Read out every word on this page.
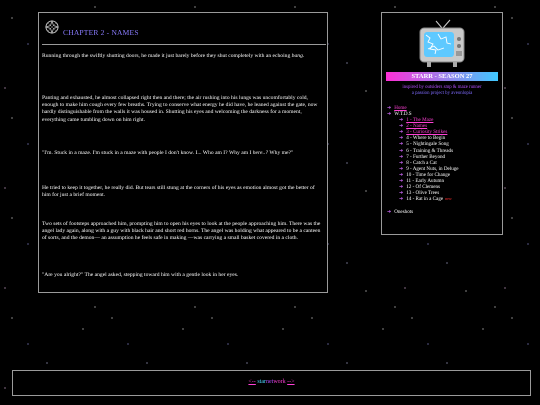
CHAPTER 2 - NAMES

Running through the swiftly shutting doors, he made it just barely before they shut completely with an echoing bang.

Panting and exhausted, he almost collapsed right then and there; the air rushing into his lungs was uncomfortably cold, enough to make him cough every few breaths. Trying to conserve what energy he did have, he leaned against the gate, now hardly distinguishable from the walls it was housed in. Shutting his eyes and welcoming the darkness for a moment, everything came tumbling down on him right.

"I'm. Stuck in a maze. I'm stuck in a maze with people I don't know. I... Who am I? Why am I here..? Why me?"

He tried to keep it together, he really did. But tears still stung at the corners of his eyes as emotion almost got the better of him for just a brief moment.

Two sets of footsteps approached him, prompting him to open his eyes to look at the people approaching him. There was the angel lady again, along with a guy with black hair and short red horns. The angel was holding what appeared to be a canteen of sorts, and the demon— an assumption he feels safe in making —was carrying a small basket covered in a cloth.

"Are you alright?" The angel asked, stepping toward him with a gentle look in her eyes.

STARR - SEASON 27
inspired by outsiders smp & maze runner
a passion project by aveonlopia
➜ Home
➜ W.T.D.S
➜ 1 - The Maze
➜ 2 - Names
➜ 3 - Curiosity Strikes
➜ 4 - Where to Begin
➜ 5 - Nightingale Song
➜ 6 - Training & Threads
➜ 7 - Further Beyond
➜ 8 - Catch a Cat
➜ 9 - Agent Nuts, in Deluge
➜ 10 - Time for Change
➜ 11 - Early Autumn
➜ 12 - Of Clemens
➜ 13 - Olive Trees
➜ 14 - Rat in a Cage new
➜ Oneshots
<-- starnetwork -->
